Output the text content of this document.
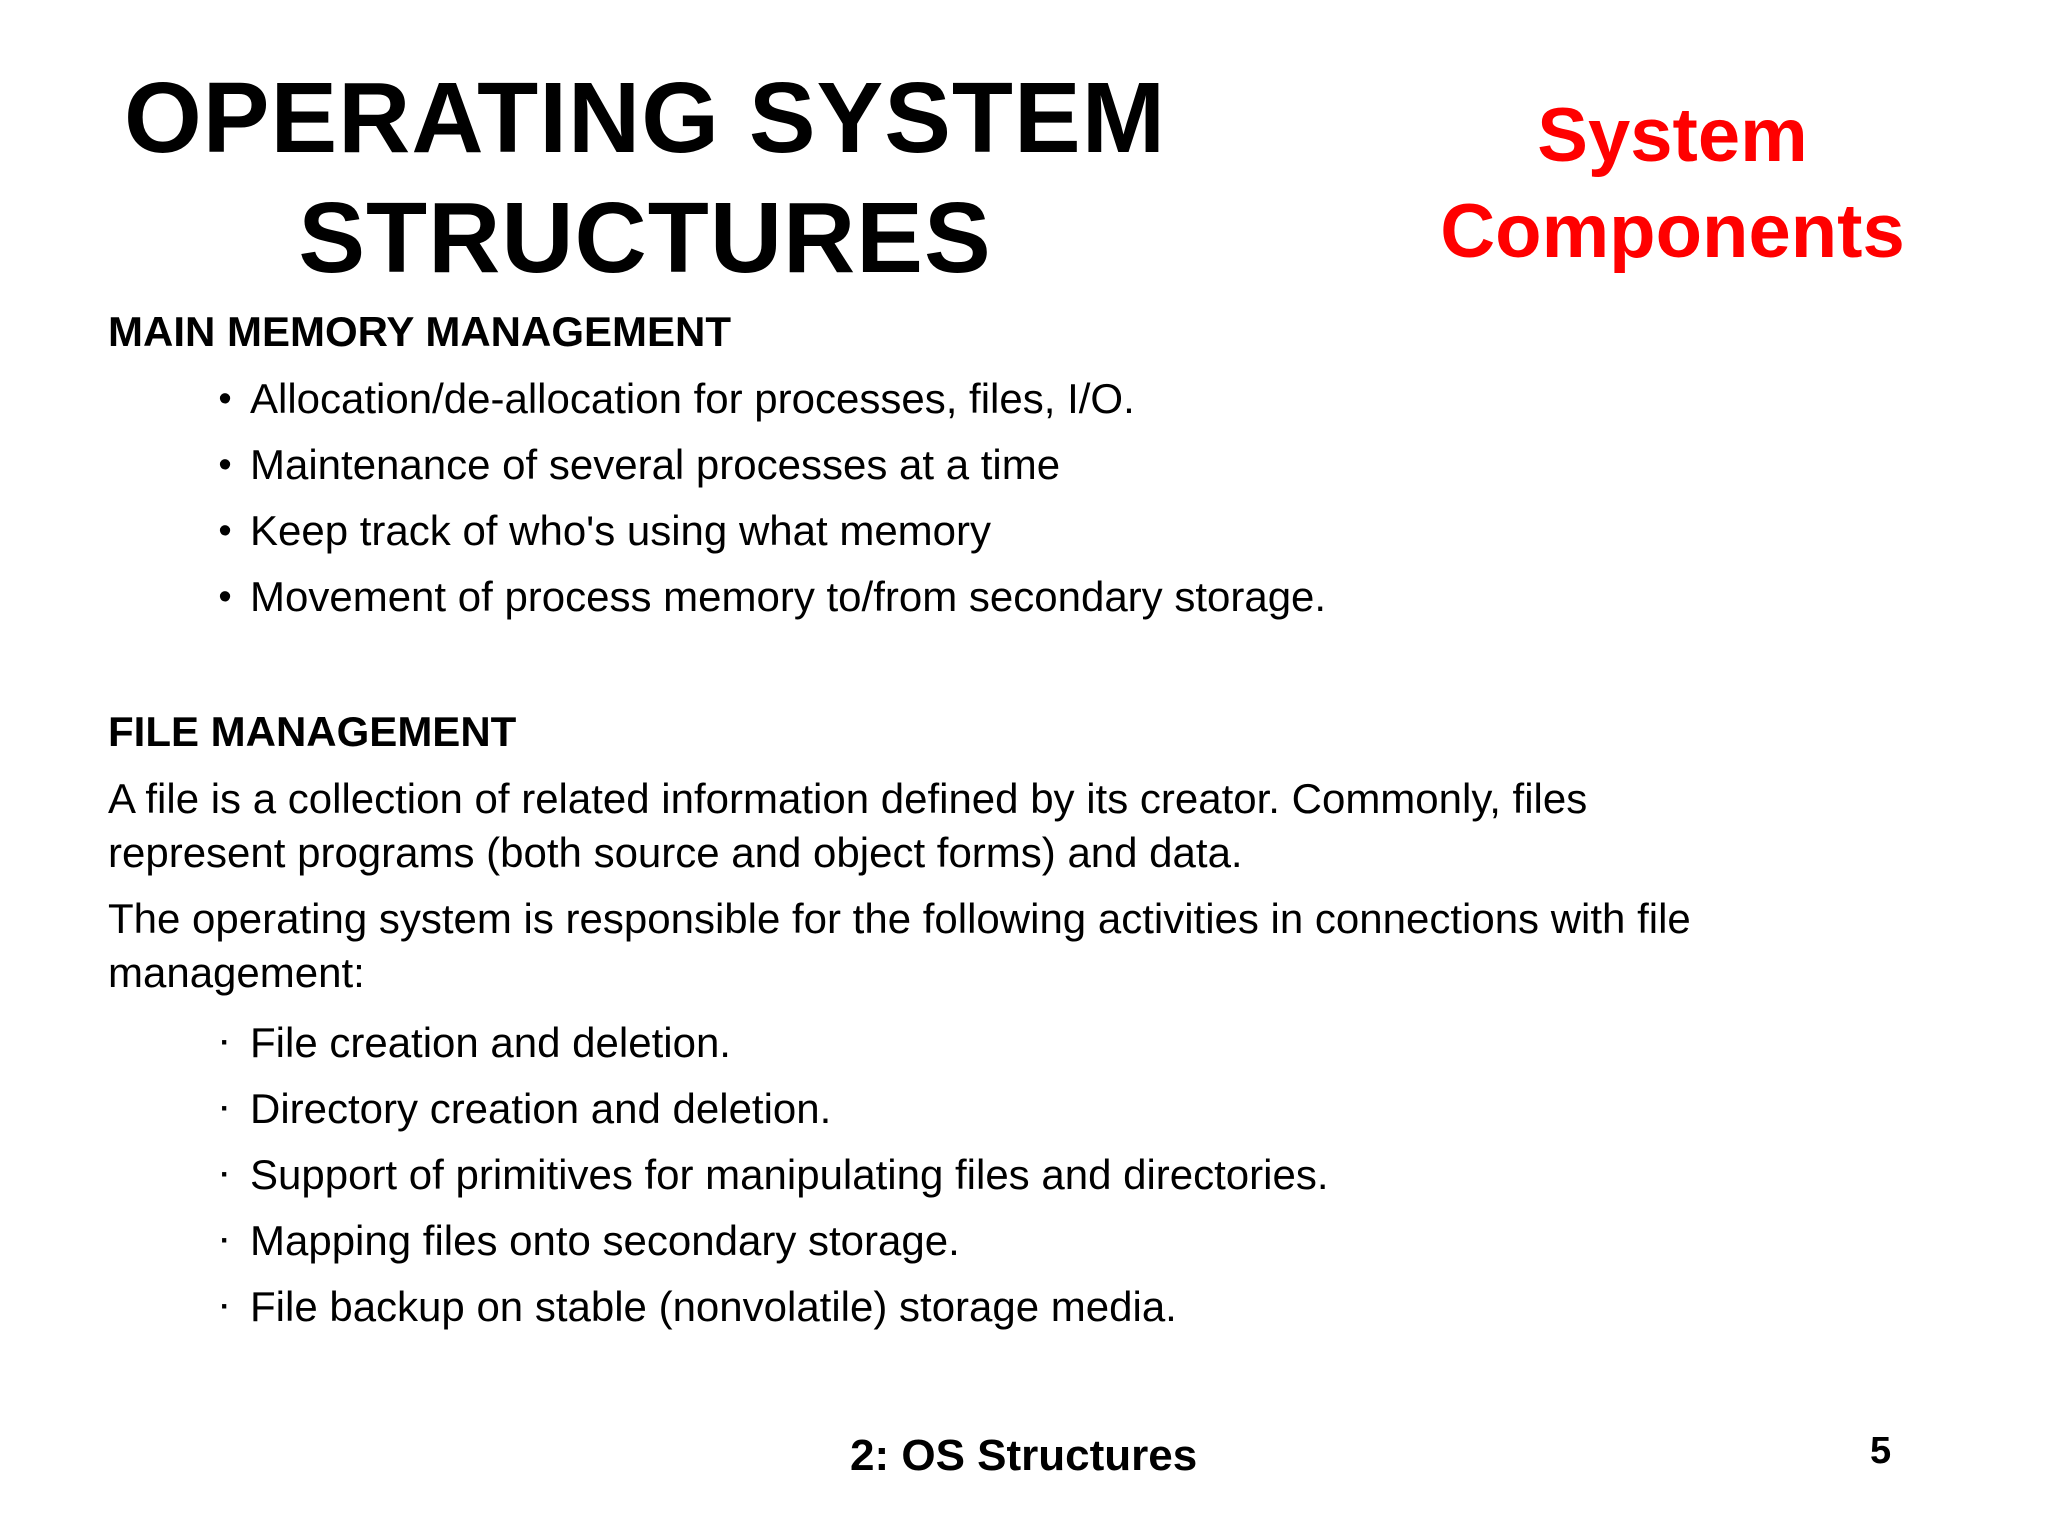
OPERATING SYSTEM
STRUCTURES
System
Components
MAIN MEMORY MANAGEMENT
• Allocation/de-allocation for processes, files, I/O.
• Maintenance of several processes at a time
• Keep track of who's using what memory
• Movement of process memory to/from secondary storage.
FILE MANAGEMENT

A file is a collection of related information defined by its creator. Commonly, files
represent programs (both source and object forms) and data.

The operating system is responsible for the following activities in connections with file
management:

· File creation and deletion.
· Directory creation and deletion.
· Support of primitives for manipulating files and directories.
· Mapping files onto secondary storage.
· File backup on stable (nonvolatile) storage media.
2: OS Structures	5
